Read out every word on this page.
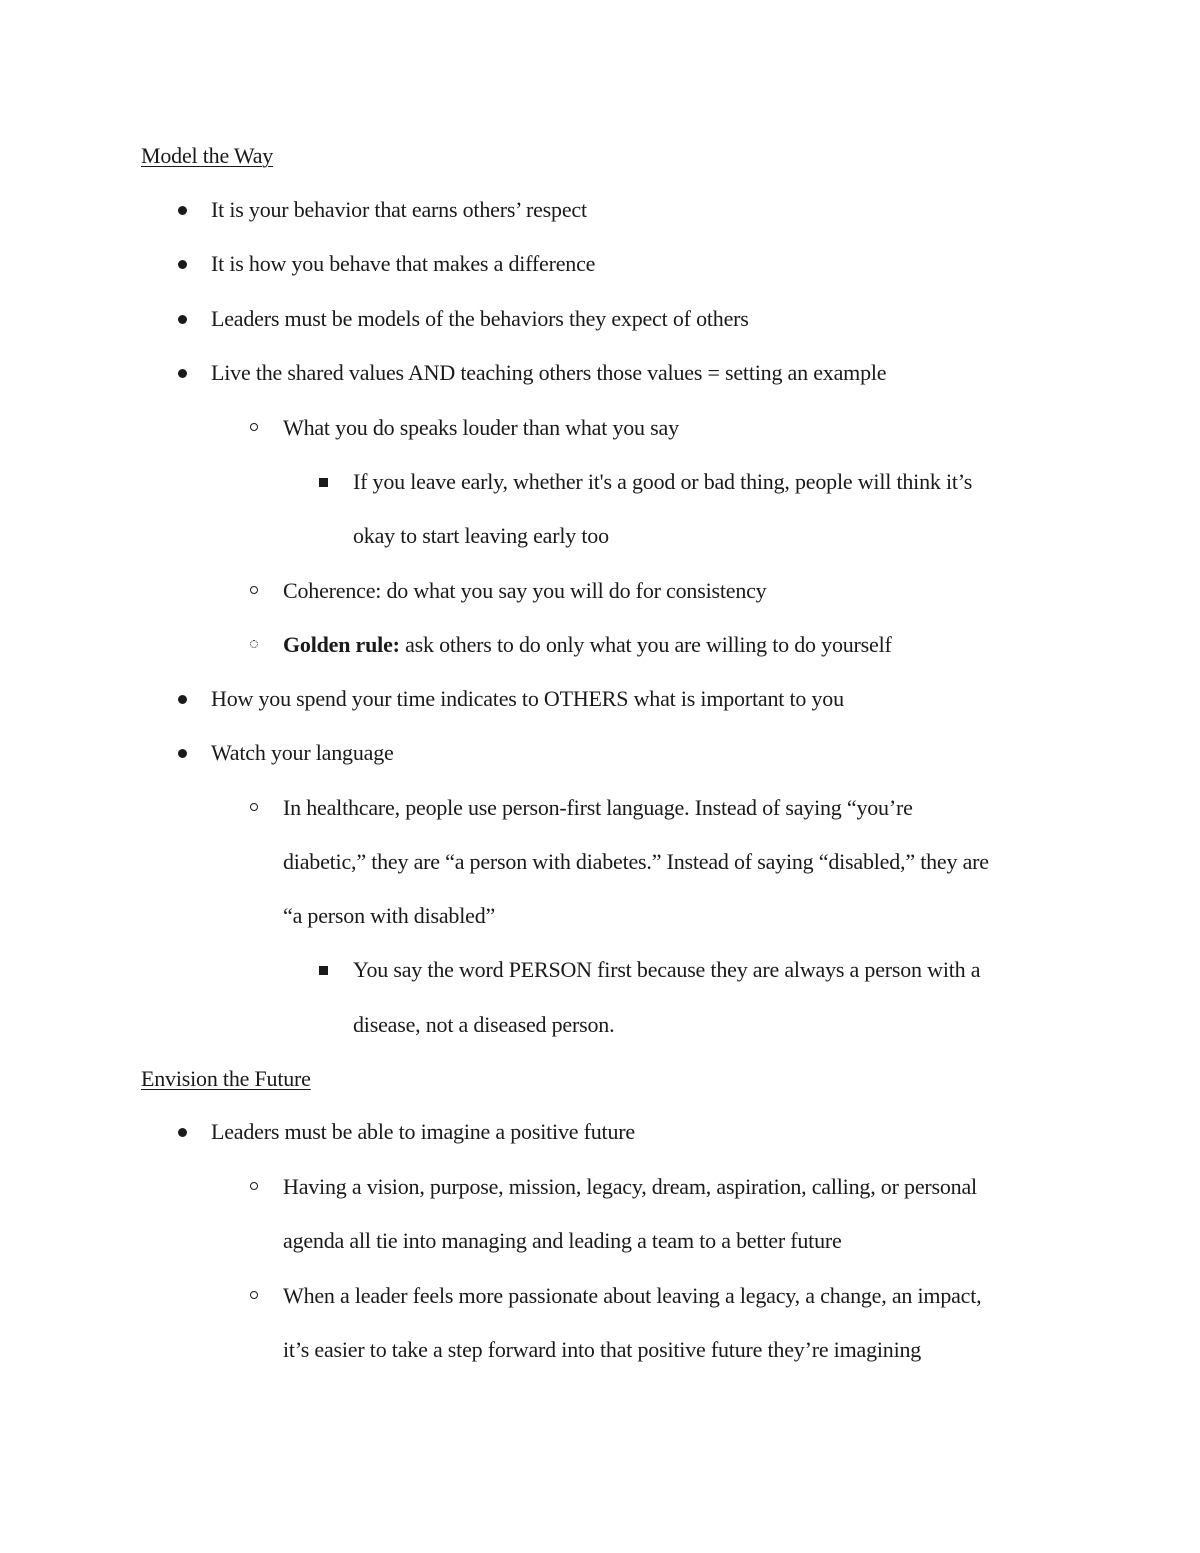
Model the Way

It is your behavior that earns others’ respect

It is how you behave that makes a difference

Leaders must be models of the behaviors they expect of others

Live the shared values AND teaching others those values = setting an example

What you do speaks louder than what you say

If you leave early, whether it's a good or bad thing, people will think it’s

okay to start leaving early too

Coherence: do what you say you will do for consistency

Golden rule: ask others to do only what you are willing to do yourself

How you spend your time indicates to OTHERS what is important to you

Watch your language

In healthcare, people use person-first language. Instead of saying “you’re

diabetic,” they are “a person with diabetes.” Instead of saying “disabled,” they are

“a person with disabled”

You say the word PERSON first because they are always a person with a

disease, not a diseased person.

Envision the Future

Leaders must be able to imagine a positive future

Having a vision, purpose, mission, legacy, dream, aspiration, calling, or personal

agenda all tie into managing and leading a team to a better future

When a leader feels more passionate about leaving a legacy, a change, an impact,

it’s easier to take a step forward into that positive future they’re imagining
